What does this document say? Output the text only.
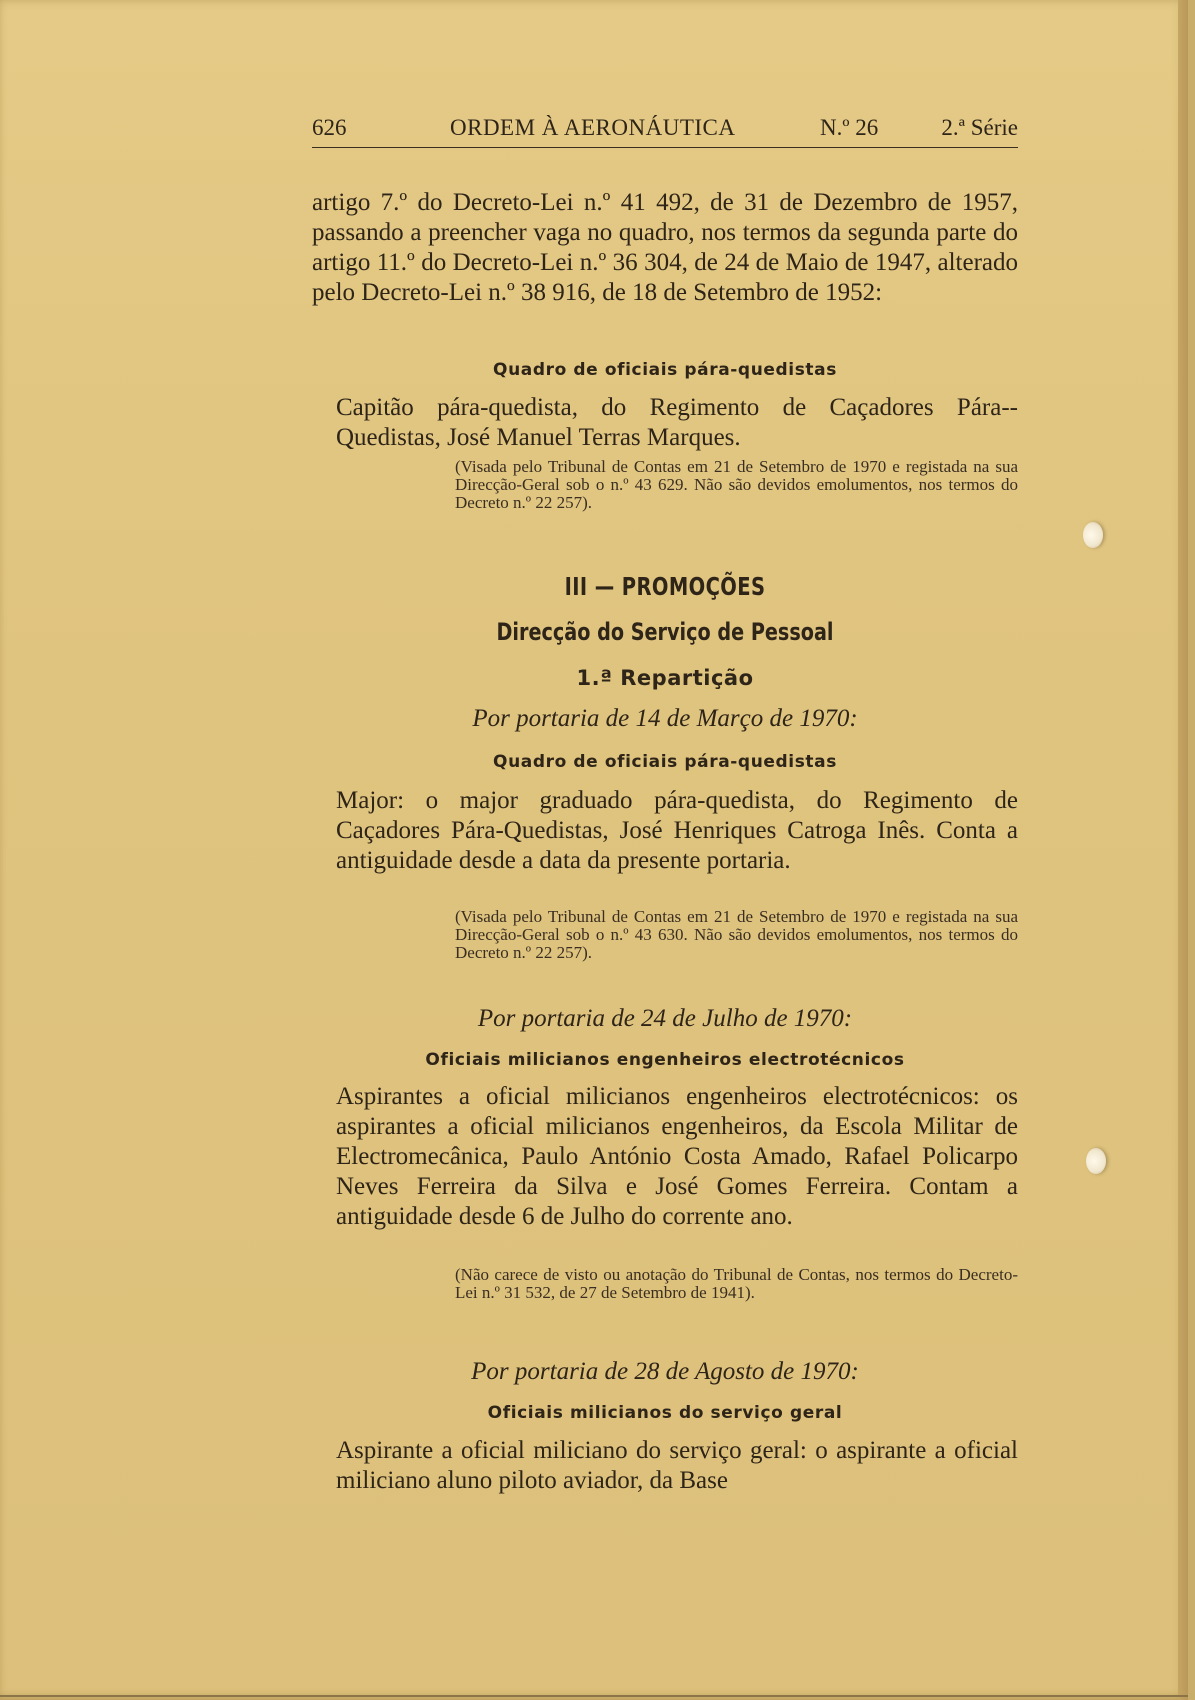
626	ORDEM À AERONÁUTICA	N.º 26	2.ª Série
artigo 7.º do Decreto-Lei n.º 41 492, de 31 de Dezembro de 1957, passando a preencher vaga no quadro, nos termos da segunda parte do artigo 11.º do Decreto-Lei n.º 36 304, de 24 de Maio de 1947, alterado pelo Decreto-Lei n.º 38 916, de 18 de Setembro de 1952:
Quadro de oficiais pára-quedistas
Capitão pára-quedista, do Regimento de Caçadores Pára--Quedistas, José Manuel Terras Marques.
(Visada pelo Tribunal de Contas em 21 de Setembro de 1970 e registada na sua Direcção-Geral sob o n.º 43 629. Não são devidos emolumentos, nos termos do Decreto n.º 22 257).
III — PROMOÇÕES
Direcção do Serviço de Pessoal
1.ª Repartição
Por portaria de 14 de Março de 1970:
Quadro de oficiais pára-quedistas
Major: o major graduado pára-quedista, do Regimento de Caçadores Pára-Quedistas, José Henriques Catroga Inês. Conta a antiguidade desde a data da presente portaria.
(Visada pelo Tribunal de Contas em 21 de Setembro de 1970 e registada na sua Direcção-Geral sob o n.º 43 630. Não são devidos emolumentos, nos termos do Decreto n.º 22 257).
Por portaria de 24 de Julho de 1970:
Oficiais milicianos engenheiros electrotécnicos
Aspirantes a oficial milicianos engenheiros electrotécnicos: os aspirantes a oficial milicianos engenheiros, da Escola Militar de Electromecânica, Paulo António Costa Amado, Rafael Policarpo Neves Ferreira da Silva e José Gomes Ferreira. Contam a antiguidade desde 6 de Julho do corrente ano.
(Não carece de visto ou anotação do Tribunal de Contas, nos termos do Decreto-Lei n.º 31 532, de 27 de Setembro de 1941).
Por portaria de 28 de Agosto de 1970:
Oficiais milicianos do serviço geral
Aspirante a oficial miliciano do serviço geral: o aspirante a oficial miliciano aluno piloto aviador, da Base
